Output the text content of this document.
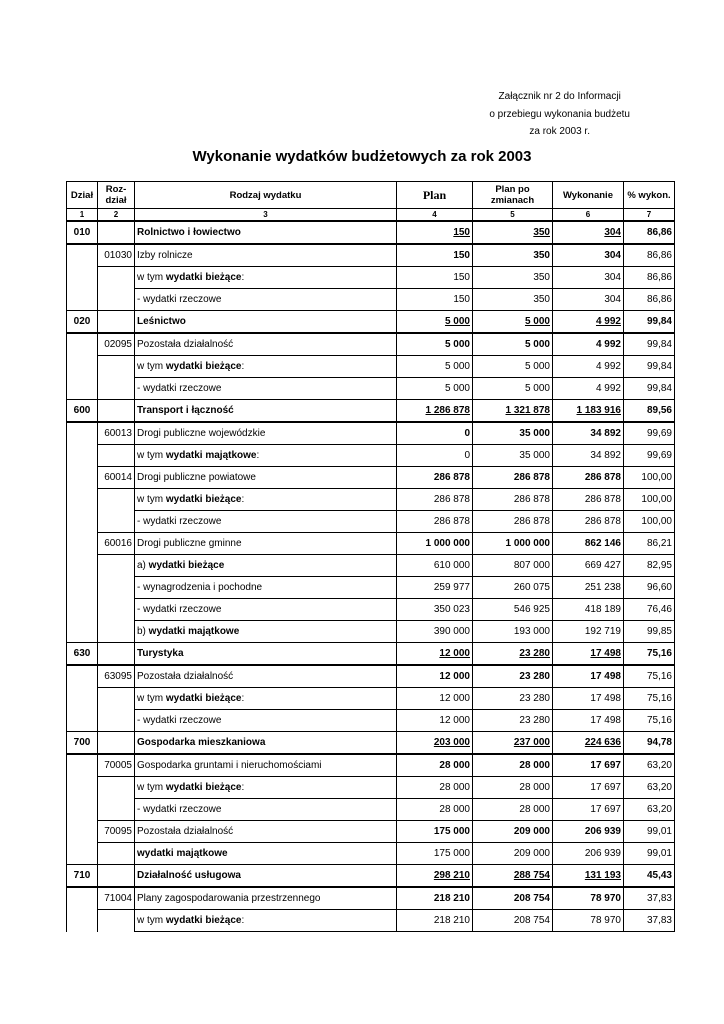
Załącznik nr 2 do Informacji
o przebiegu wykonania budżetu
za rok 2003 r.
Wykonanie wydatków budżetowych za rok 2003
Dział	Roz-dział	Rodzaj wydatku	Plan	Plan po zmianach	Wykonanie	% wykon.
1	2	3	4	5	6	7
010		Rolnictwo i łowiectwo	150	350	304	86,86
	01030	Izby rolnicze	150	350	304	86,86
		w tym wydatki bieżące:	150	350	304	86,86
		- wydatki rzeczowe	150	350	304	86,86
020		Leśnictwo	5 000	5 000	4 992	99,84
	02095	Pozostała działalność	5 000	5 000	4 992	99,84
		w tym wydatki bieżące:	5 000	5 000	4 992	99,84
		- wydatki rzeczowe	5 000	5 000	4 992	99,84
600		Transport i łączność	1 286 878	1 321 878	1 183 916	89,56
	60013	Drogi publiczne wojewódzkie	0	35 000	34 892	99,69
		w tym wydatki majątkowe:	0	35 000	34 892	99,69
	60014	Drogi publiczne powiatowe	286 878	286 878	286 878	100,00
		w tym wydatki bieżące:	286 878	286 878	286 878	100,00
		- wydatki rzeczowe	286 878	286 878	286 878	100,00
	60016	Drogi publiczne gminne	1 000 000	1 000 000	862 146	86,21
		a) wydatki bieżące	610 000	807 000	669 427	82,95
		- wynagrodzenia i pochodne	259 977	260 075	251 238	96,60
		- wydatki rzeczowe	350 023	546 925	418 189	76,46
		b) wydatki majątkowe	390 000	193 000	192 719	99,85
630		Turystyka	12 000	23 280	17 498	75,16
	63095	Pozostała działalność	12 000	23 280	17 498	75,16
		w tym wydatki bieżące:	12 000	23 280	17 498	75,16
		- wydatki rzeczowe	12 000	23 280	17 498	75,16
700		Gospodarka mieszkaniowa	203 000	237 000	224 636	94,78
	70005	Gospodarka gruntami i nieruchomościami	28 000	28 000	17 697	63,20
		w tym wydatki bieżące:	28 000	28 000	17 697	63,20
		- wydatki rzeczowe	28 000	28 000	17 697	63,20
	70095	Pozostała działalność	175 000	209 000	206 939	99,01
		wydatki majątkowe	175 000	209 000	206 939	99,01
710		Działalność usługowa	298 210	288 754	131 193	45,43
	71004	Plany zagospodarowania przestrzennego	218 210	208 754	78 970	37,83
		w tym wydatki bieżące:	218 210	208 754	78 970	37,83
